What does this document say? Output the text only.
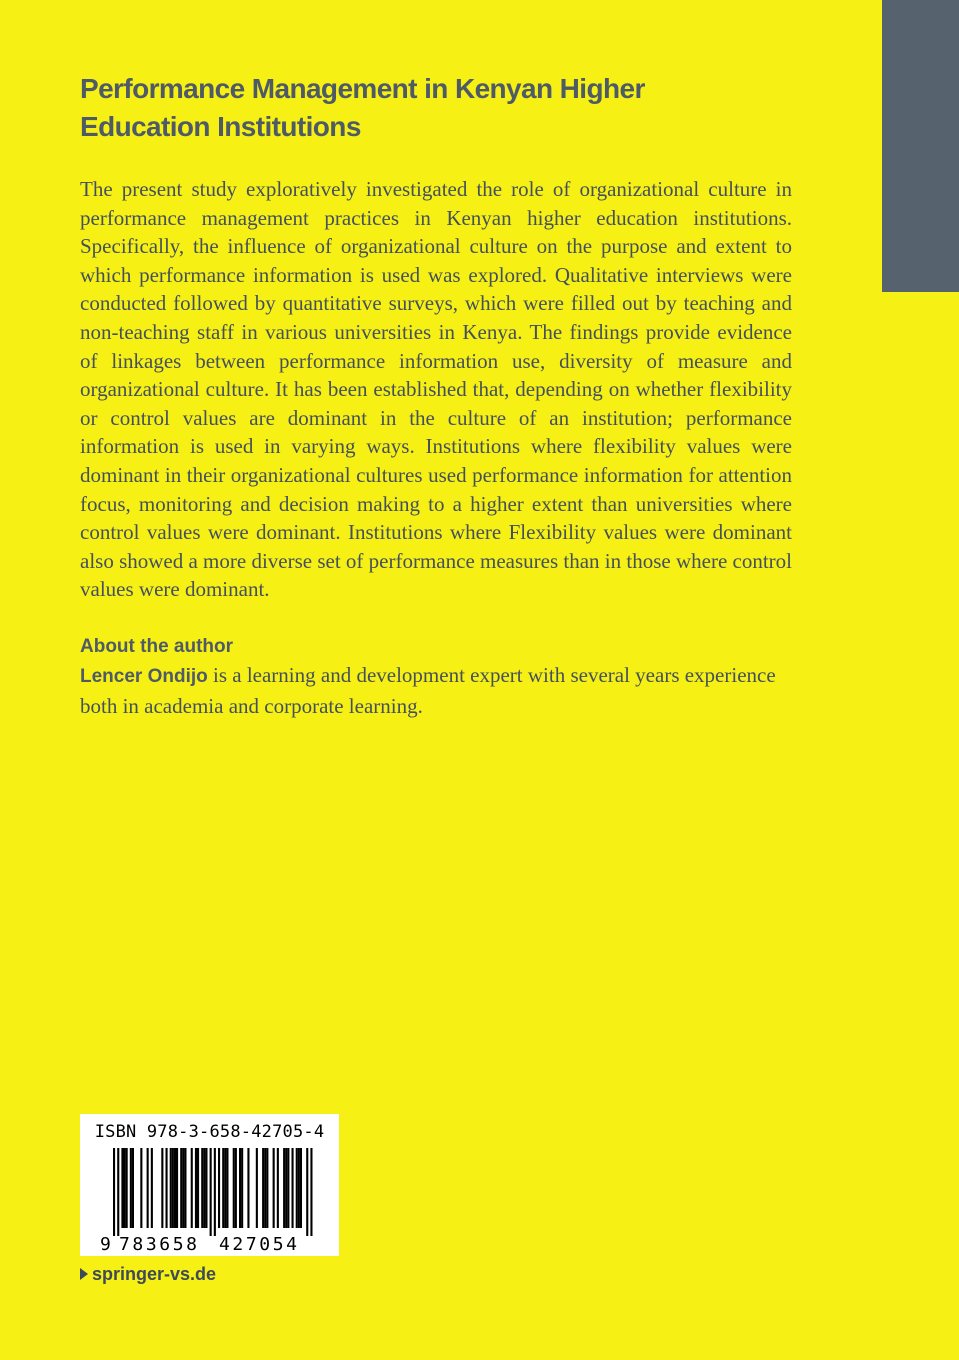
Performance Management in Kenyan Higher Education Institutions

The present study exploratively investigated the role of organizational culture in performance management practices in Kenyan higher education institutions. Specifically, the influence of organizational culture on the purpose and extent to which performance information is used was explored. Qualitative interviews were conducted followed by quantitative surveys, which were filled out by teaching and non-teaching staff in various universities in Kenya. The findings provide evidence of linkages between performance information use, diversity of measure and organizational culture. It has been established that, depending on whether flexibility or control values are dominant in the culture of an institution; performance information is used in varying ways. Institutions where flexibility values were dominant in their organizational cultures used performance information for attention focus, monitoring and decision making to a higher extent than universities where control values were dominant. Institutions where Flexibility values were dominant also showed a more diverse set of performance measures than in those where control values were dominant.

About the author

Lencer Ondijo is a learning and development expert with several years experience both in academia and corporate learning.

ISBN 978-3-658-42705-4
9 783658 427054
springer-vs.de
